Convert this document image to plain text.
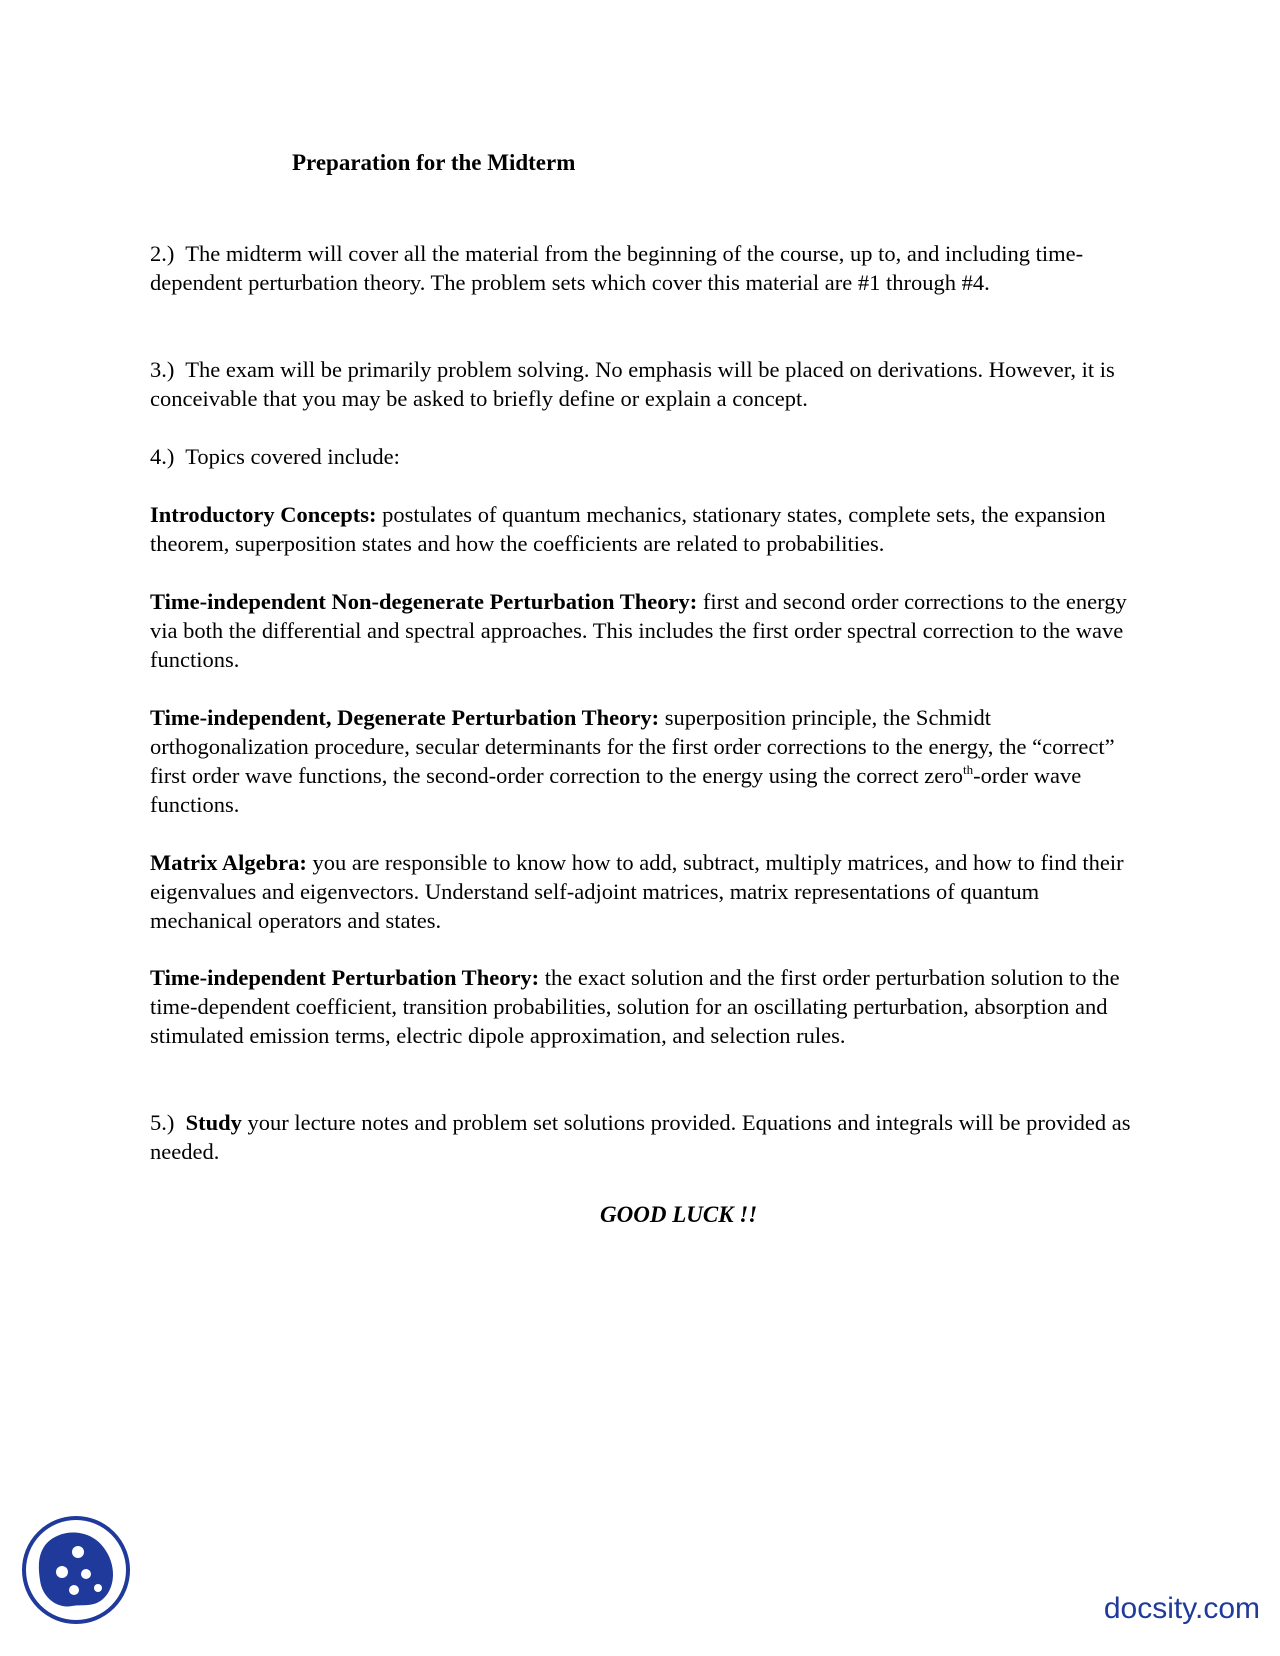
Preparation for the Midterm

2.) The midterm will cover all the material from the beginning of the course, up to, and including time-dependent perturbation theory. The problem sets which cover this material are #1 through #4.

3.) The exam will be primarily problem solving. No emphasis will be placed on derivations. However, it is conceivable that you may be asked to briefly define or explain a concept.

4.) Topics covered include:

Introductory Concepts: postulates of quantum mechanics, stationary states, complete sets, the expansion theorem, superposition states and how the coefficients are related to probabilities.

Time-independent Non-degenerate Perturbation Theory: first and second order corrections to the energy via both the differential and spectral approaches. This includes the first order spectral correction to the wave functions.

Time-independent, Degenerate Perturbation Theory: superposition principle, the Schmidt orthogonalization procedure, secular determinants for the first order corrections to the energy, the “correct” first order wave functions, the second-order correction to the energy using the correct zero$^{th}$-order wave functions.

Matrix Algebra: you are responsible to know how to add, subtract, multiply matrices, and how to find their eigenvalues and eigenvectors. Understand self-adjoint matrices, matrix representations of quantum mechanical operators and states.

Time-independent Perturbation Theory: the exact solution and the first order perturbation solution to the time-dependent coefficient, transition probabilities, solution for an oscillating perturbation, absorption and stimulated emission terms, electric dipole approximation, and selection rules.

5.) Study your lecture notes and problem set solutions provided. Equations and integrals will be provided as needed.

GOOD LUCK !!
docsity.com
